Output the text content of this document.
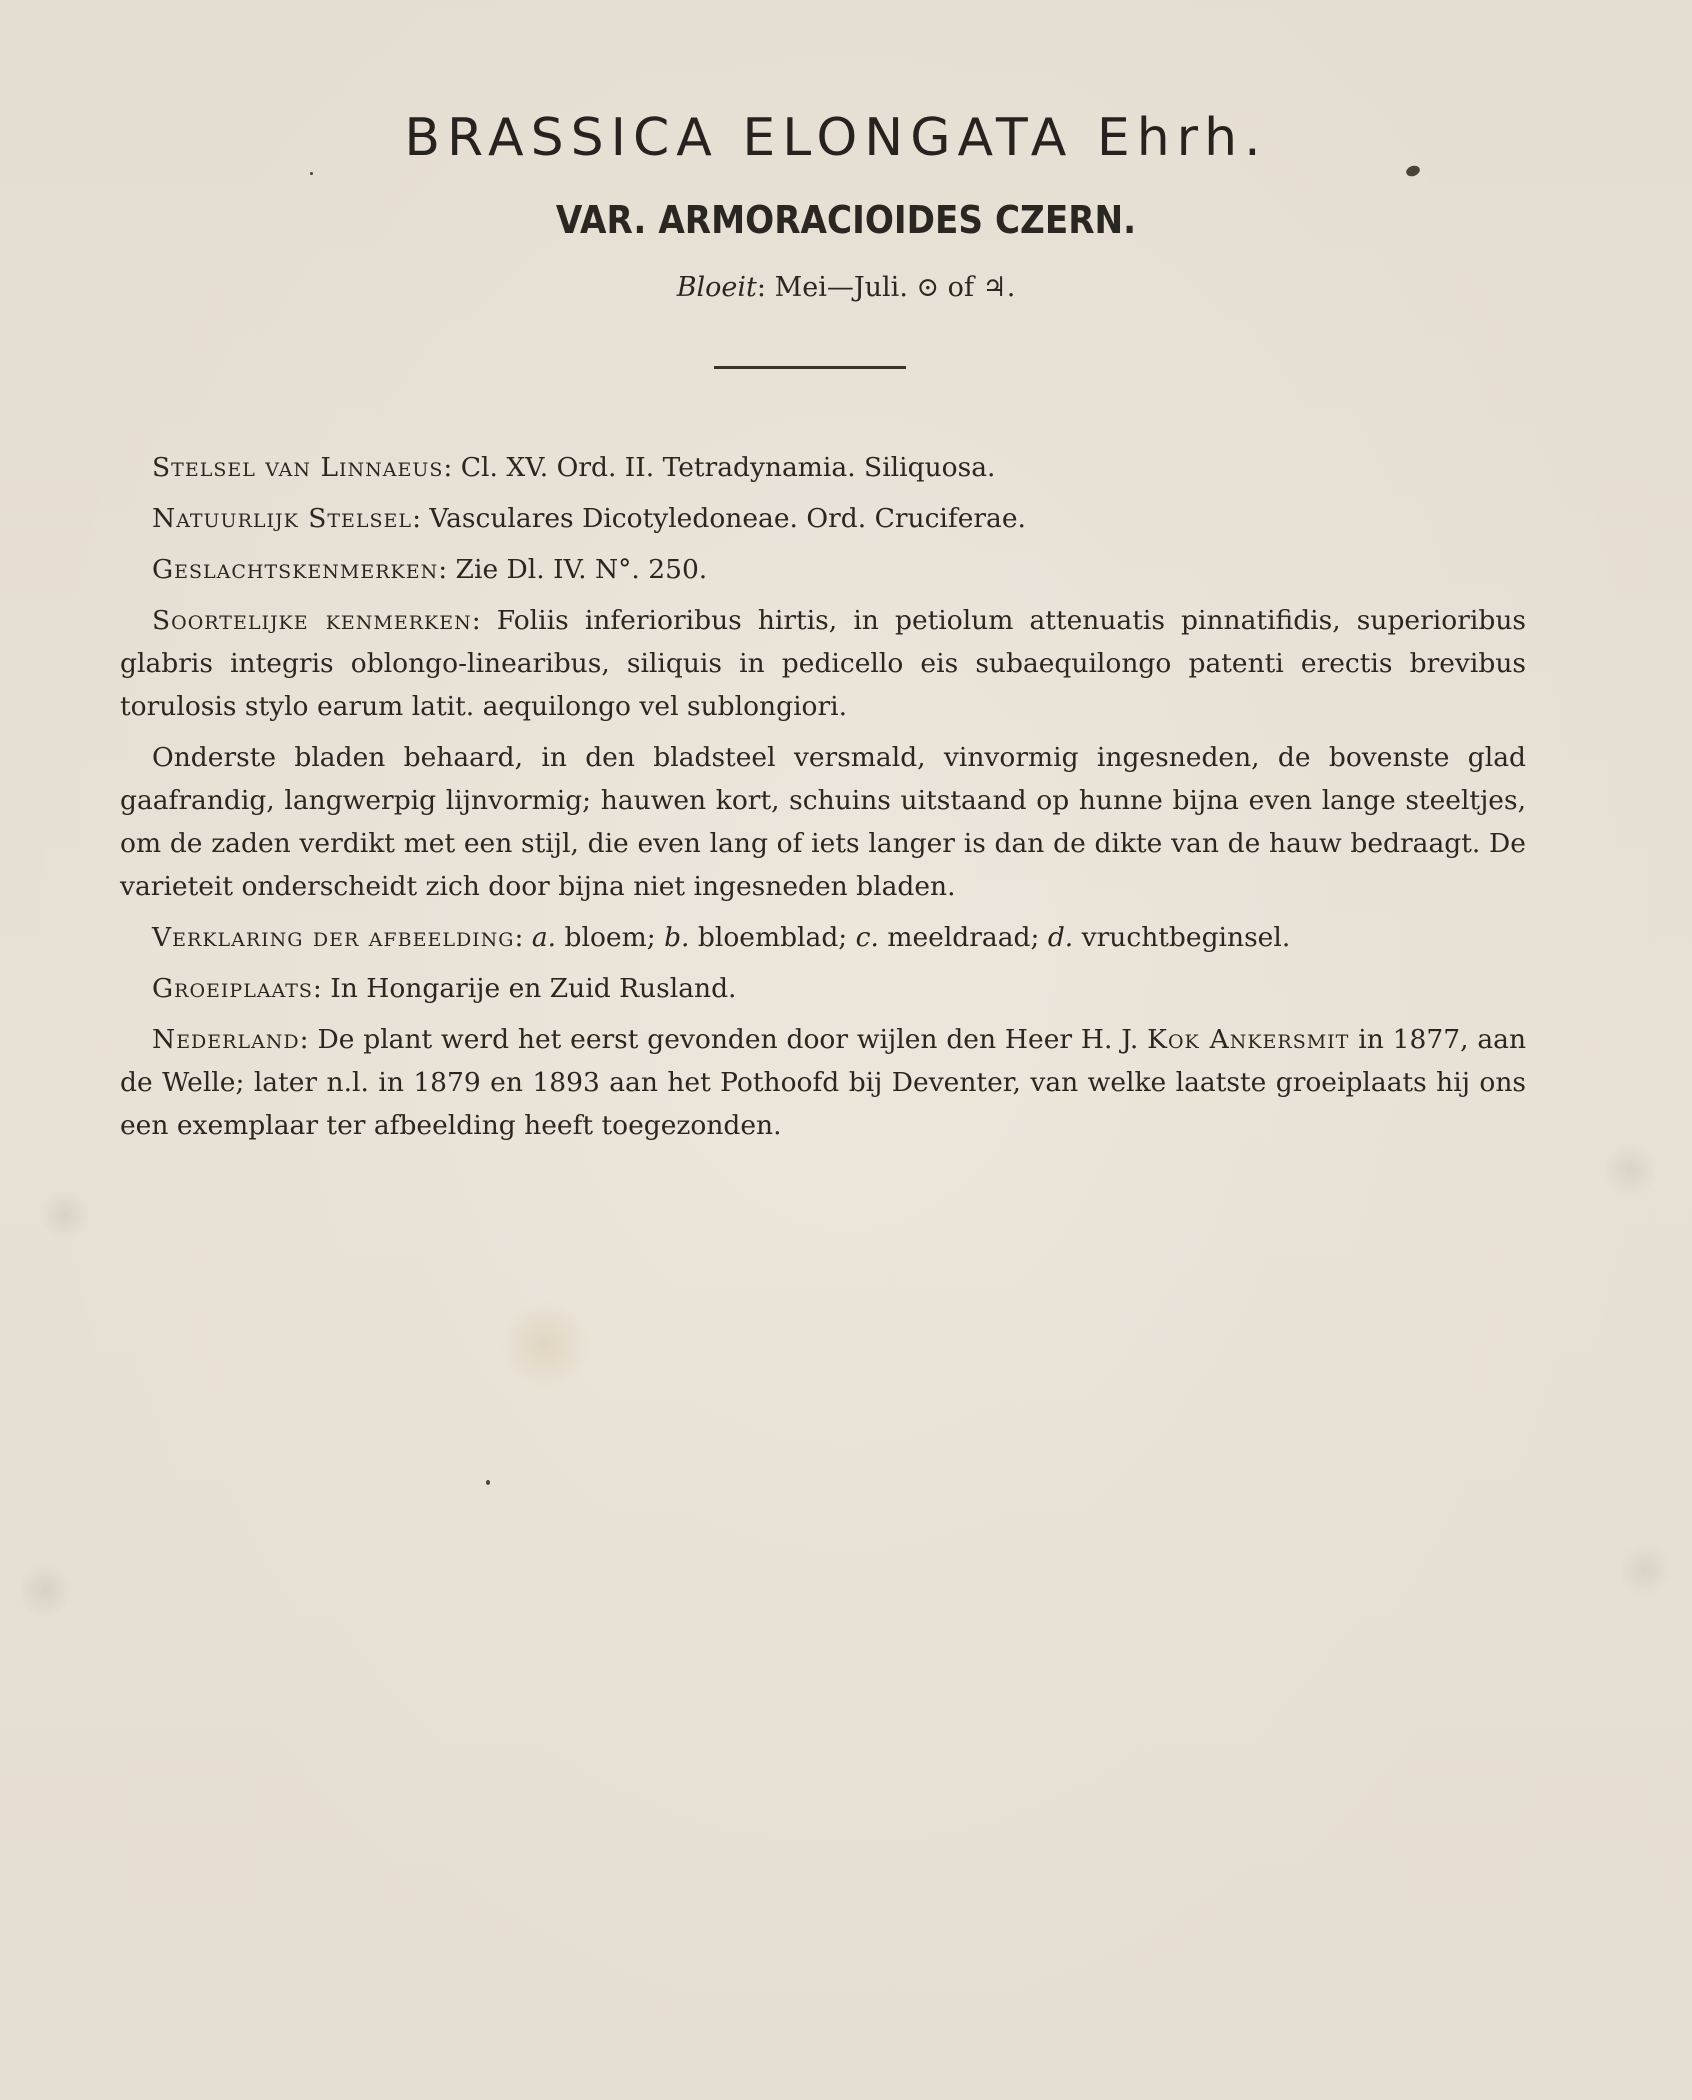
BRASSICA ELONGATA Ehrh.
VAR. ARMORACIOIDES CZERN.
Bloeit: Mei—Juli. ⊙ of ♃.

Stelsel van Linnaeus: Cl. XV. Ord. II. Tetradynamia. Siliquosa.

Natuurlijk Stelsel: Vasculares Dicotyledoneae. Ord. Cruciferae.

Geslachtskenmerken: Zie Dl. IV. N°. 250.

Soortelijke kenmerken: Foliis inferioribus hirtis, in petiolum attenuatis pinnatifidis, superioribus glabris integris oblongo-linearibus, siliquis in pedicello eis subaequilongo patenti erectis brevibus torulosis stylo earum latit. aequilongo vel sublongiori.

Onderste bladen behaard, in den bladsteel versmald, vinvormig ingesneden, de bovenste glad gaafrandig, langwerpig lijnvormig; hauwen kort, schuins uitstaand op hunne bijna even lange steeltjes, om de zaden verdikt met een stijl, die even lang of iets langer is dan de dikte van de hauw bedraagt. De varieteit onderscheidt zich door bijna niet ingesneden bladen.

Verklaring der afbeelding: a. bloem; b. bloemblad; c. meeldraad; d. vruchtbeginsel.

Groeiplaats: In Hongarije en Zuid Rusland.

Nederland: De plant werd het eerst gevonden door wijlen den Heer H. J. Kok Ankersmit in 1877, aan de Welle; later n.l. in 1879 en 1893 aan het Pothoofd bij Deventer, van welke laatste groeiplaats hij ons een exemplaar ter afbeelding heeft toegezonden.
